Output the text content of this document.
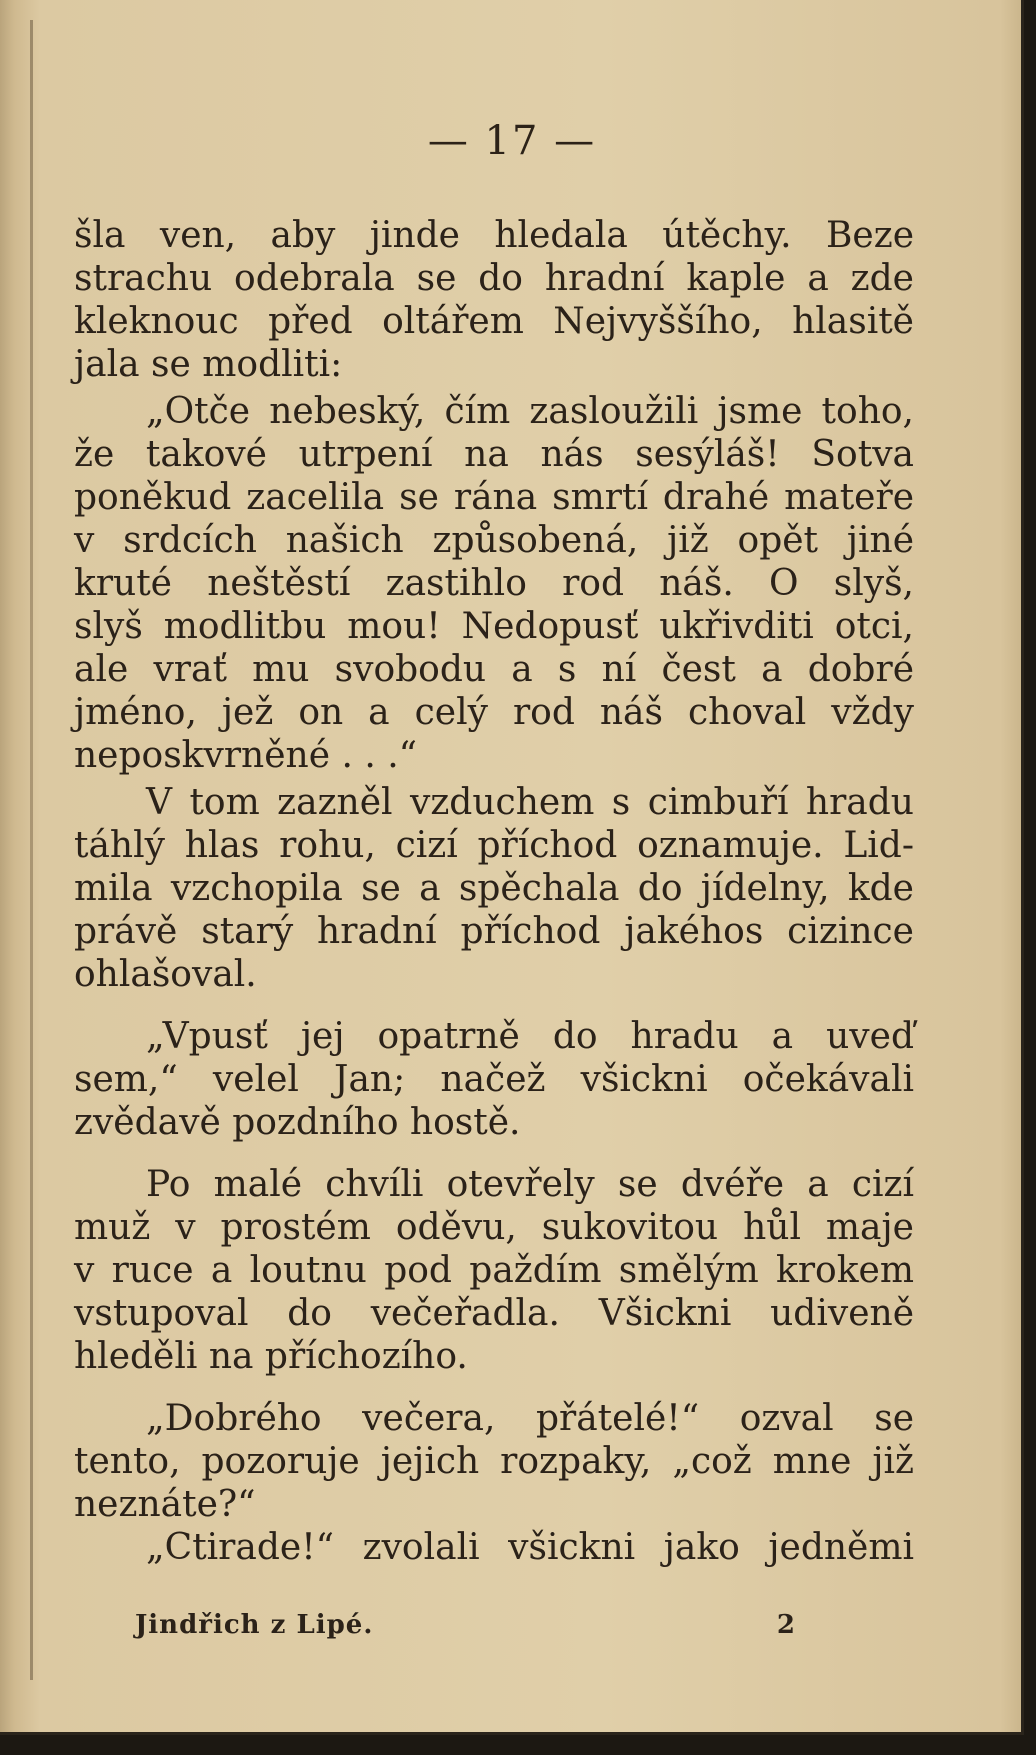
— 17 —
šla ven, aby jinde hledala útěchy. Beze
strachu odebrala se do hradní kaple a zde
kleknouc před oltářem Nejvyššího, hlasitě
jala se modliti:
„Otče nebeský, čím zasloužili jsme toho,
že takové utrpení na nás sesýláš! Sotva
poněkud zacelila se rána smrtí drahé mateře
v srdcích našich způsobená, již opět jiné
kruté neštěstí zastihlo rod náš. O slyš,
slyš modlitbu mou! Nedopusť ukřivditi otci,
ale vrať mu svobodu a s ní čest a dobré
jméno, jež on a celý rod náš choval vždy
neposkvrněné . . .“
V tom zazněl vzduchem s cimbuří hradu
táhlý hlas rohu, cizí příchod oznamuje. Lid-
mila vzchopila se a spěchala do jídelny, kde
právě starý hradní příchod jakéhos cizince
ohlašoval.
„Vpusť jej opatrně do hradu a uveď
sem,“ velel Jan; načež všickni očekávali
zvědavě pozdního hostě.
Po malé chvíli otevřely se dvéře a cizí
muž v prostém oděvu, sukovitou hůl maje
v ruce a loutnu pod paždím smělým krokem
vstupoval do večeřadla. Všickni udiveně
hleděli na příchozího.
„Dobrého večera, přátelé!“ ozval se
tento, pozoruje jejich rozpaky, „což mne již
neznáte?“
„Ctirade!“ zvolali všickni jako jedněmi
Jindřich z Lipé.	2
